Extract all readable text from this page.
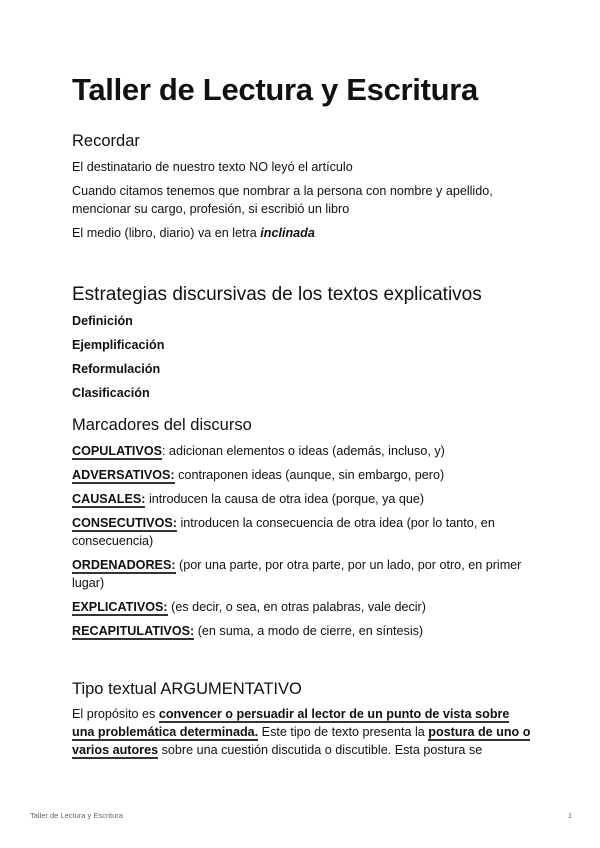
Taller de Lectura y Escritura
Recordar

El destinatario de nuestro texto NO leyó el artículo

Cuando citamos tenemos que nombrar a la persona con nombre y apellido, mencionar su cargo, profesión, si escribió un libro

El medio (libro, diario) va en letra inclinada

Estrategias discursivas de los textos explicativos

Definición

Ejemplificación

Reformulación

Clasificación

Marcadores del discurso

COPULATIVOS: adicionan elementos o ideas (además, incluso, y)

ADVERSATIVOS: contraponen ideas (aunque, sin embargo, pero)

CAUSALES: introducen la causa de otra idea (porque, ya que)

CONSECUTIVOS: introducen la consecuencia de otra idea (por lo tanto, en consecuencia)

ORDENADORES: (por una parte, por otra parte, por un lado, por otro, en primer lugar)

EXPLICATIVOS: (es decir, o sea, en otras palabras, vale decir)

RECAPITULATIVOS: (en suma, a modo de cierre, en síntesis)

Tipo textual ARGUMENTATIVO

El propósito es convencer o persuadir al lector de un punto de vista sobre una problemática determinada. Este tipo de texto presenta la postura de uno o varios autores sobre una cuestión discutida o discutible. Esta postura se

Taller de Lectura y Escritura	1
